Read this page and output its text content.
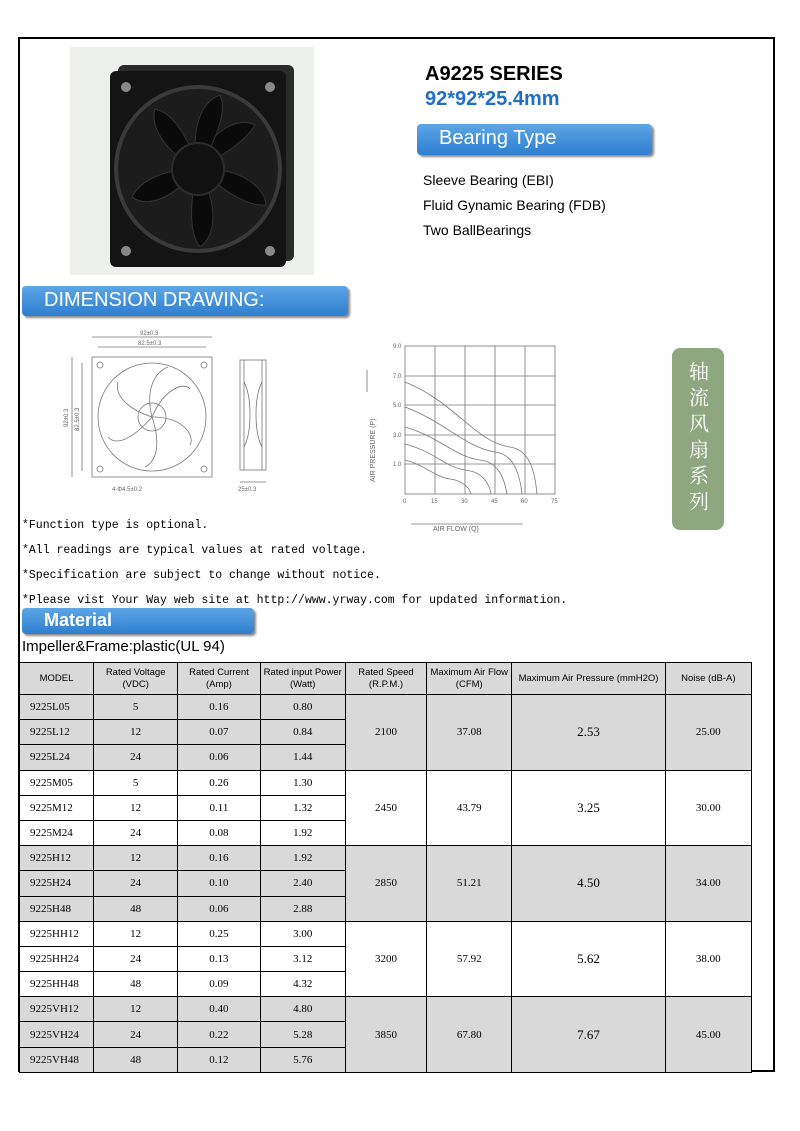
A9225 SERIES
92*92*25.4mm
Bearing Type
Sleeve Bearing (EBI)
Fluid Gynamic Bearing (FDB)
Two BallBearings
DIMENSION DRAWING:
92±0.3
82.5±0.3
4-Φ4.5±0.2
92±0.3 82.5±0.3
25±0.3
AIR PRESSURE (P)
AIR FLOW (Q)
9.0
7.0
5.0
3.0
1.0
0	15	30	45	60	75	轴流风扇系列
*Function type is optional.
*All readings are typical values at rated voltage.
*Specification are subject to change without notice.
*Please vist Your Way web site at http://www.yrway.com for updated information.
Material
Impeller&Frame:plastic(UL 94)
MODEL	Rated Voltage (VDC)	Rated Current (Amp)	Rated input Power (Watt)	Rated Speed (R.P.M.)	Maximum Air Flow (CFM)	Maximum Air Pressure (mmH2O)	Noise (dB-A)
9225L05	5	0.16	0.80	2100	37.08	2.53	25.00
9225L12	12	0.07	0.84				
9225L24	24	0.06	1.44				
9225M05	5	0.26	1.30	2450	43.79	3.25	30.00
9225M12	12	0.11	1.32				
9225M24	24	0.08	1.92				
9225H12	12	0.16	1.92	2850	51.21	4.50	34.00
9225H24	24	0.10	2.40				
9225H48	48	0.06	2.88				
9225HH12	12	0.25	3.00	3200	57.92	5.62	38.00
9225HH24	24	0.13	3.12				
9225HH48	48	0.09	4.32				
9225VH12	12	0.40	4.80	3850	67.80	7.67	45.00
9225VH24	24	0.22	5.28				
9225VH48	48	0.12	5.76				
